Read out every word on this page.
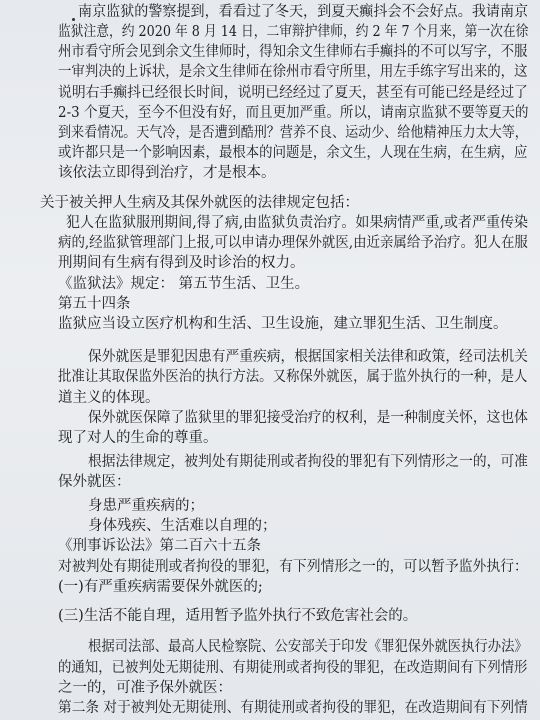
南京监狱的警察提到，看看过了冬天，到夏天癫抖会不会好点。我请南京
监狱注意，约 2020 年 8 月 14 日，二审辩护律师，约 2 年 7 个月来，第一次在徐
州市看守所会见到余文生律师时，得知余文生律师右手癫抖的不可以写字，不服
一审判决的上诉状，是余文生律师在徐州市看守所里，用左手练字写出来的，这
说明右手癫抖已经很长时间，说明已经经过了夏天，甚至有可能已经是经过了
2-3 个夏天，至今不但没有好，而且更加严重。所以，请南京监狱不要等夏天的
到来看情况。天气冷，是否遭到酷刑？营养不良、运动少、给他精神压力太大等，
或许都只是一个影响因素，最根本的问题是，余文生，人现在生病，在生病，应
该依法立即得到治疗，才是根本。
关于被关押人生病及其保外就医的法律规定包括：
犯人在监狱服刑期间,得了病,由监狱负责治疗。如果病情严重,或者严重传染
病的,经监狱管理部门上报,可以申请办理保外就医,由近亲属给予治疗。犯人在服
刑期间有生病有得到及时诊治的权力。
《监狱法》规定： 第五节生活、卫生。
第五十四条
监狱应当设立医疗机构和生活、卫生设施，建立罪犯生活、卫生制度。
保外就医是罪犯因患有严重疾病，根据国家相关法律和政策，经司法机关
批准让其取保监外医治的执行方法。又称保外就医，属于监外执行的一种，是人
道主义的体现。
保外就医保障了监狱里的罪犯接受治疗的权利，是一种制度关怀，这也体
现了对人的生命的尊重。
根据法律规定，被判处有期徒刑或者拘役的罪犯有下列情形之一的，可准
保外就医：
身患严重疾病的；
身体残疾、生活难以自理的；
《刑事诉讼法》第二百六十五条
对被判处有期徒刑或者拘役的罪犯，有下列情形之一的，可以暂予监外执行：
(一)有严重疾病需要保外就医的;
(三)生活不能自理，适用暂予监外执行不致危害社会的。
根据司法部、最高人民检察院、公安部关于印发《罪犯保外就医执行办法》
的通知，已被判处无期徒刑、有期徒刑或者拘役的罪犯，在改造期间有下列情形
之一的，可准予保外就医：
第二条 对于被判处无期徒刑、有期徒刑或者拘役的罪犯，在改造期间有下列情
